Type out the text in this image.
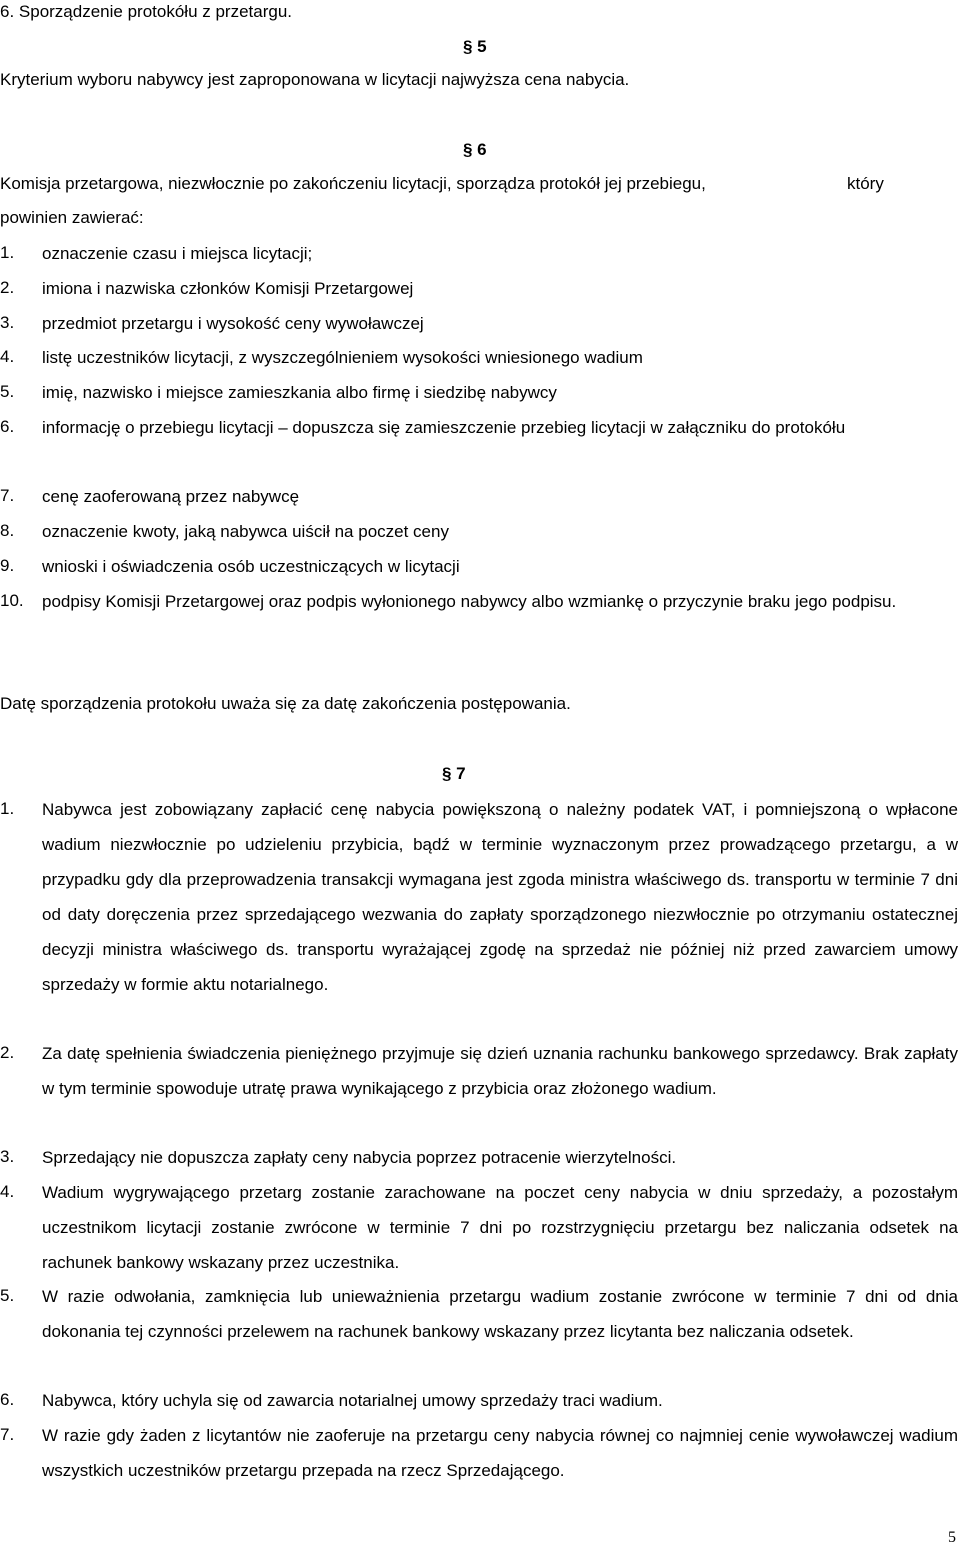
6. Sporządzenie protokółu z przetargu.
§ 5
Kryterium wyboru nabywcy jest zaproponowana w licytacji najwyższa cena nabycia.
§ 6
Komisja przetargowa, niezwłocznie po zakończeniu licytacji, sporządza protokół jej przebiegu,	który
powinien zawierać:
1. oznaczenie czasu i miejsca licytacji;
2. imiona i nazwiska członków Komisji Przetargowej
3. przedmiot przetargu i wysokość ceny wywoławczej
4. listę uczestników licytacji, z wyszczególnieniem wysokości wniesionego wadium
5. imię, nazwisko i miejsce zamieszkania albo firmę i siedzibę nabywcy
6. informację o przebiegu licytacji – dopuszcza się zamieszczenie przebieg licytacji w załączniku do protokółu
7. cenę zaoferowaną przez nabywcę
8. oznaczenie kwoty, jaką nabywca uiścił na poczet ceny
9. wnioski i oświadczenia osób uczestniczących w licytacji
10. podpisy Komisji Przetargowej oraz podpis wyłonionego nabywcy albo wzmiankę o przyczynie braku jego podpisu.
Datę sporządzenia protokołu uważa się za datę zakończenia postępowania.
§ 7
1. Nabywca jest zobowiązany zapłacić cenę nabycia powiększoną o należny podatek VAT, i pomniejszoną o wpłacone wadium niezwłocznie po udzieleniu przybicia, bądź w terminie wyznaczonym przez prowadzącego przetargu, a w przypadku gdy dla przeprowadzenia transakcji wymagana jest zgoda ministra właściwego ds. transportu w terminie 7 dni od daty doręczenia przez sprzedającego wezwania do zapłaty sporządzonego niezwłocznie po otrzymaniu ostatecznej decyzji ministra właściwego ds. transportu wyrażającej zgodę na sprzedaż nie później niż przed zawarciem umowy sprzedaży w formie aktu notarialnego.
2. Za datę spełnienia świadczenia pieniężnego przyjmuje się dzień uznania rachunku bankowego sprzedawcy. Brak zapłaty w tym terminie spowoduje utratę prawa wynikającego z przybicia oraz złożonego wadium.
3. Sprzedający nie dopuszcza zapłaty ceny nabycia poprzez potracenie wierzytelności.
4. Wadium wygrywającego przetarg zostanie zarachowane na poczet ceny nabycia w dniu sprzedaży, a pozostałym uczestnikom licytacji zostanie zwrócone w terminie 7 dni po rozstrzygnięciu przetargu bez naliczania odsetek na rachunek bankowy wskazany przez uczestnika.
5. W razie odwołania, zamknięcia lub unieważnienia przetargu wadium zostanie zwrócone w terminie 7 dni od dnia dokonania tej czynności przelewem na rachunek bankowy wskazany przez licytanta bez naliczania odsetek.
6. Nabywca, który uchyla się od zawarcia notarialnej umowy sprzedaży traci wadium.
7. W razie gdy żaden z licytantów nie zaoferuje na przetargu ceny nabycia równej co najmniej cenie wywoławczej wadium wszystkich uczestników przetargu przepada na rzecz Sprzedającego.
5
